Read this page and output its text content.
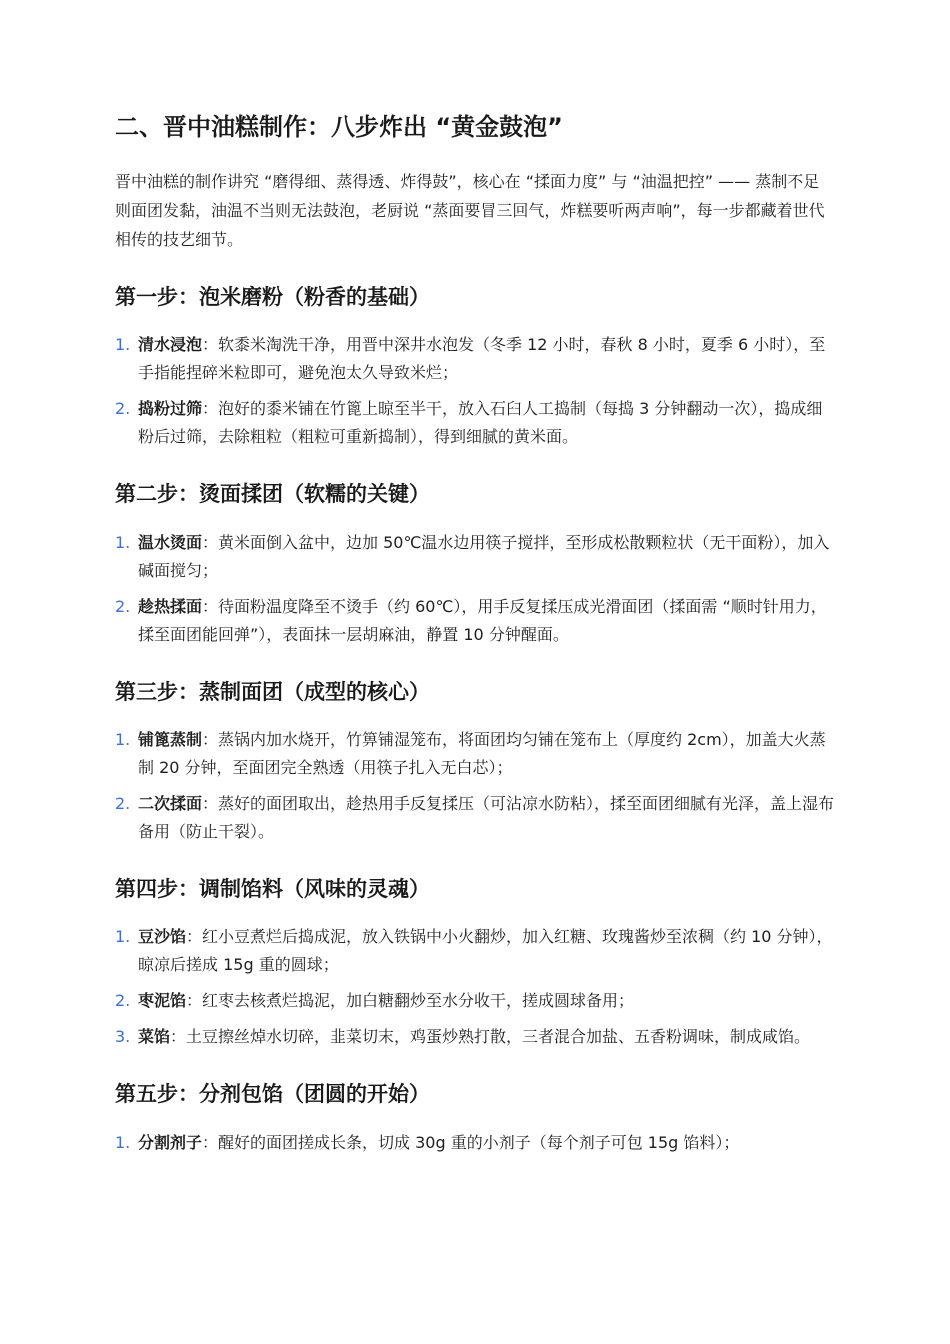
二、晋中油糕制作：八步炸出 “黄金鼓泡”

晋中油糕的制作讲究 “磨得细、蒸得透、炸得鼓”，核心在 “揉面力度” 与 “油温把控” —— 蒸制不足则面团发黏，油温不当则无法鼓泡，老厨说 “蒸面要冒三回气，炸糕要听两声响”，每一步都藏着世代相传的技艺细节。

第一步：泡米磨粉（粉香的基础）
1. 清水浸泡：软黍米淘洗干净，用晋中深井水泡发（冬季 12 小时，春秋 8 小时，夏季 6 小时），至手指能捏碎米粒即可，避免泡太久导致米烂；
2. 捣粉过筛：泡好的黍米铺在竹篦上晾至半干，放入石臼人工捣制（每捣 3 分钟翻动一次），捣成细粉后过筛，去除粗粒（粗粒可重新捣制），得到细腻的黄米面。
第二步：烫面揉团（软糯的关键）
1. 温水烫面：黄米面倒入盆中，边加 50℃温水边用筷子搅拌，至形成松散颗粒状（无干面粉），加入碱面搅匀；
2. 趁热揉面：待面粉温度降至不烫手（约 60℃），用手反复揉压成光滑面团（揉面需 “顺时针用力，揉至面团能回弹”），表面抹一层胡麻油，静置 10 分钟醒面。
第三步：蒸制面团（成型的核心）
1. 铺篦蒸制：蒸锅内加水烧开，竹箅铺湿笼布，将面团均匀铺在笼布上（厚度约 2cm），加盖大火蒸制 20 分钟，至面团完全熟透（用筷子扎入无白芯）；
2. 二次揉面：蒸好的面团取出，趁热用手反复揉压（可沾凉水防粘），揉至面团细腻有光泽，盖上湿布备用（防止干裂）。
第四步：调制馅料（风味的灵魂）
1. 豆沙馅：红小豆煮烂后捣成泥，放入铁锅中小火翻炒，加入红糖、玫瑰酱炒至浓稠（约 10 分钟），晾凉后搓成 15g 重的圆球；
2. 枣泥馅：红枣去核煮烂捣泥，加白糖翻炒至水分收干，搓成圆球备用；
3. 菜馅：土豆擦丝焯水切碎，韭菜切末，鸡蛋炒熟打散，三者混合加盐、五香粉调味，制成咸馅。
第五步：分剂包馅（团圆的开始）
1. 分割剂子：醒好的面团搓成长条，切成 30g 重的小剂子（每个剂子可包 15g 馅料）；
